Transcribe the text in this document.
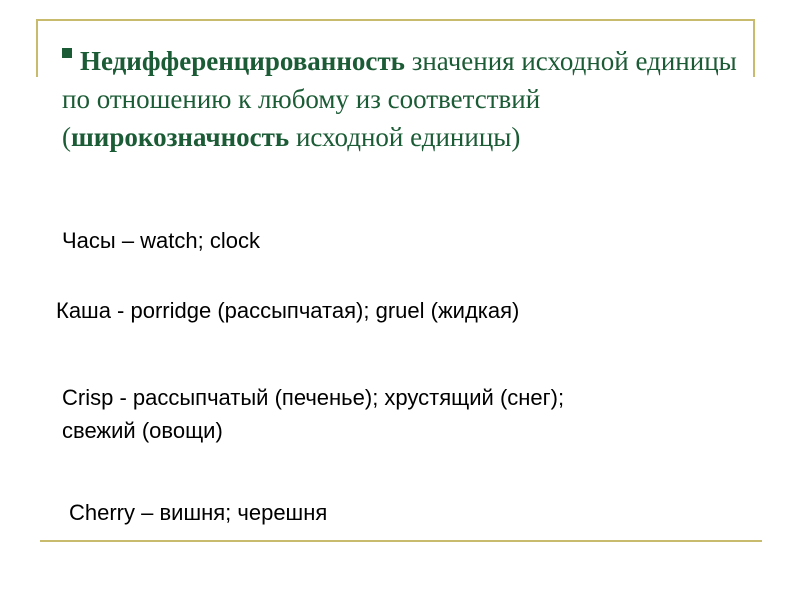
Недифференцированность значения исходной единицы по отношению к любому из соответствий (широкозначность исходной единицы)
Часы – watch; clock
Каша - porridge (рассыпчатая); gruel (жидкая)
Crisp - рассыпчатый (печенье); хрустящий (снег);
свежий (овощи)
Cherry – вишня; черешня
